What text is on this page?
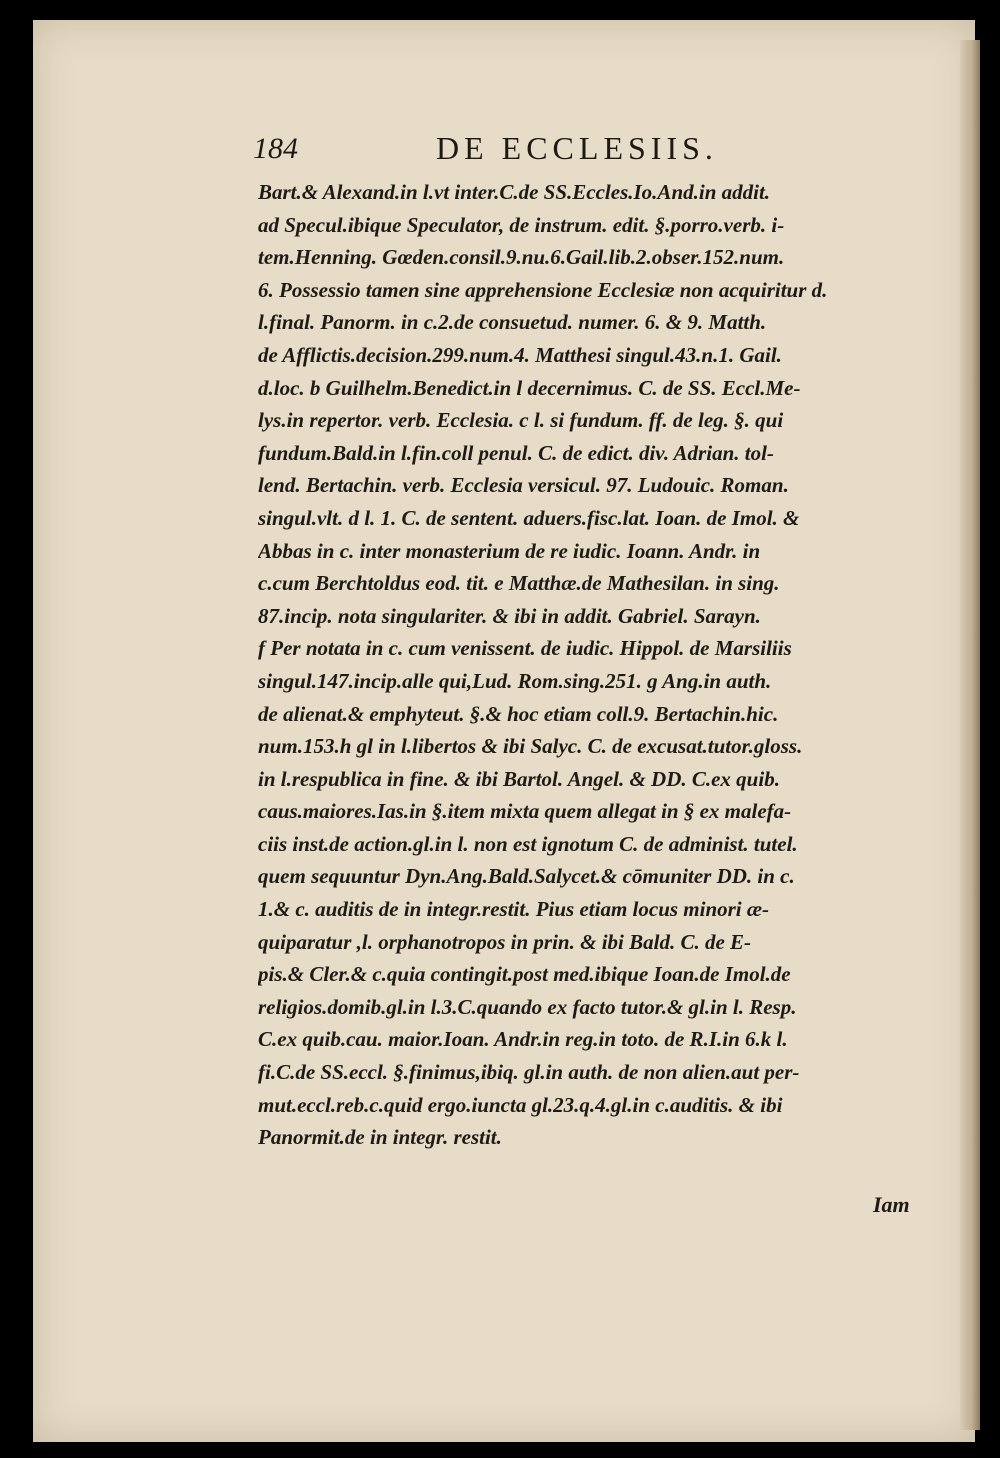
184	DE ECCLESIIS.
Bart.& Alexand.in l.vt inter.C.de SS.Eccles.Io.And.in addit.
ad Specul.ibique Speculator, de instrum. edit. §.porro.verb. i-
tem.Henning. Gœden.consil.9.nu.6.Gail.lib.2.obser.152.num.
6. Possessio tamen sine apprehensione Ecclesiæ non acquiritur d.
l.final. Panorm. in c.2.de consuetud. numer. 6. & 9. Matth.
de Afflictis.decision.299.num.4. Matthesi singul.43.n.1. Gail.
d.loc. b Guilhelm.Benedict.in l decernimus. C. de SS. Eccl.Me-
lys.in repertor. verb. Ecclesia. c l. si fundum. ff. de leg. §. qui
fundum.Bald.in l.fin.coll penul. C. de edict. div. Adrian. tol-
lend. Bertachin. verb. Ecclesia versicul. 97. Ludouic. Roman.
singul.vlt. d l. 1. C. de sentent. aduers.fisc.lat. Ioan. de Imol. &
Abbas in c. inter monasterium de re iudic. Ioann. Andr. in
c.cum Berchtoldus eod. tit. e Matthæ.de Mathesilan. in sing.
87.incip. nota singulariter. & ibi in addit. Gabriel. Sarayn.
f Per notata in c. cum venissent. de iudic. Hippol. de Marsiliis
singul.147.incip.alle qui,Lud. Rom.sing.251. g Ang.in auth.
de alienat.& emphyteut. §.& hoc etiam coll.9. Bertachin.hic.
num.153.h gl in l.libertos & ibi Salyc. C. de excusat.tutor.gloss.
in l.respublica in fine. & ibi Bartol. Angel. & DD. C.ex quib.
caus.maiores.Ias.in §.item mixta quem allegat in § ex malefa-
ciis inst.de action.gl.in l. non est ignotum C. de administ. tutel.
quem sequuntur Dyn.Ang.Bald.Salycet.& cōmuniter DD. in c.
1.& c. auditis de in integr.restit. Pius etiam locus minori æ-
quiparatur ,l. orphanotropos in prin. & ibi Bald. C. de E-
pis.& Cler.& c.quia contingit.post med.ibique Ioan.de Imol.de
religios.domib.gl.in l.3.C.quando ex facto tutor.& gl.in l. Resp.
C.ex quib.cau. maior.Ioan. Andr.in reg.in toto. de R.I.in 6.k l.
fi.C.de SS.eccl. §.finimus,ibiq. gl.in auth. de non alien.aut per-
mut.eccl.reb.c.quid ergo.iuncta gl.23.q.4.gl.in c.auditis. & ibi
Panormit.de in integr. restit.
Iam
